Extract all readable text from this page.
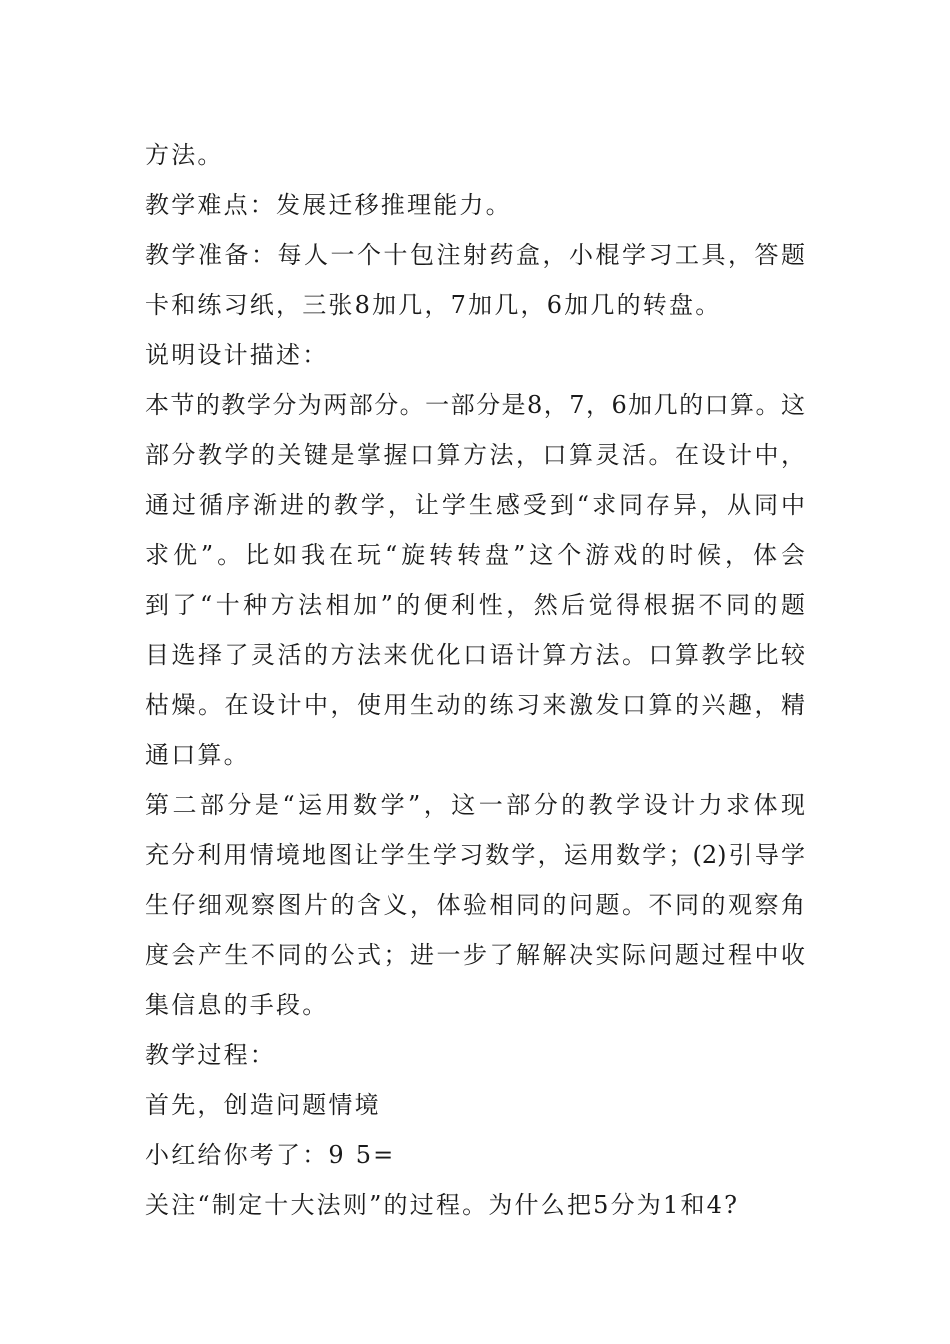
方法。
教学难点：发展迁移推理能力。
教学准备：每人一个十包注射药盒，小棍学习工具，答题
卡和练习纸，三张8加几，7加几，6加几的转盘。
说明设计描述：
本节的教学分为两部分。一部分是8，7，6加几的口算。这
部分教学的关键是掌握口算方法，口算灵活。在设计中，
通过循序渐进的教学，让学生感受到“求同存异，从同中
求优”。比如我在玩“旋转转盘”这个游戏的时候，体会
到了“十种方法相加”的便利性，然后觉得根据不同的题
目选择了灵活的方法来优化口语计算方法。口算教学比较
枯燥。在设计中，使用生动的练习来激发口算的兴趣，精
通口算。
第二部分是“运用数学”，这一部分的教学设计力求体现
充分利用情境地图让学生学习数学，运用数学；(2)引导学
生仔细观察图片的含义，体验相同的问题。不同的观察角
度会产生不同的公式；进一步了解解决实际问题过程中收
集信息的手段。
教学过程：
首先，创造问题情境
小红给你考了：9 5=
关注“制定十大法则”的过程。为什么把5分为1和4?
